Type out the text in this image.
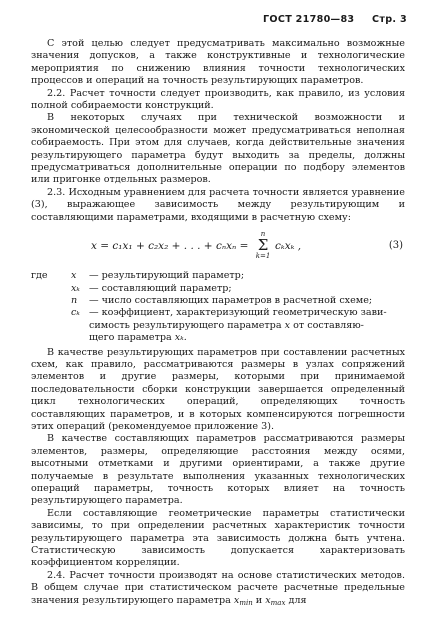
ГОСТ 21780—83 Стр. 3

С этой целью следует предусматривать максимально возможные значения допусков, а также конструктивные и технологические мероприятия по снижению влияния точности технологических процессов и операций на точность результирующих параметров.

2.2. Расчет точности следует производить, как правило, из условия полной собираемости конструкций.

В некоторых случаях при технической возможности и экономической целесообразности может предусматриваться неполная собираемость. При этом для случаев, когда действительные значения результирующего параметра будут выходить за пределы, должны предусматриваться дополнительные операции по подбору элементов или пригонке отдельных размеров.

2.3. Исходным уравнением для расчета точности является уравнение (3), выражающее зависимость между результирующим и составляющими параметрами, входящими в расчетную схему:

x = c₁x₁ + c₂x₂ + . . . + cₙxₙ =
n
Σ
k=1
cₖxₖ ,	(3)
где	x	— результирующий параметр;
xₖ — составляющий параметр;
n	— число составляющих параметров в расчетной схеме;
cₖ — коэффициент, характеризующий геометрическую зави-
симость результирующего параметра x от составляю-
щего параметра xₖ.

В качестве результирующих параметров при составлении расчетных схем, как правило, рассматриваются размеры в узлах сопряжений элементов и другие размеры, которыми при принимаемой последовательности сборки конструкции завершается определенный цикл технологических операций, определяющих точность составляющих параметров, и в которых компенсируются погрешности этих операций (рекомендуемое приложение 3).

В качестве составляющих параметров рассматриваются размеры элементов, размеры, определяющие расстояния между осями, высотными отметками и другими ориентирами, а также другие получаемые в результате выполнения указанных технологических операций параметры, точность которых влияет на точность результирующего параметра.

Если составляющие геометрические параметры статистически зависимы, то при определении расчетных характеристик точности результирующего параметра эта зависимость должна быть учтена. Статистическую зависимость допускается характеризовать коэффициентом корреляции.

2.4. Расчет точности производят на основе статистических методов. В общем случае при статистическом расчете расчетные предельные значения результирующего параметра $x_{min}$ и $x_{max}$ для
